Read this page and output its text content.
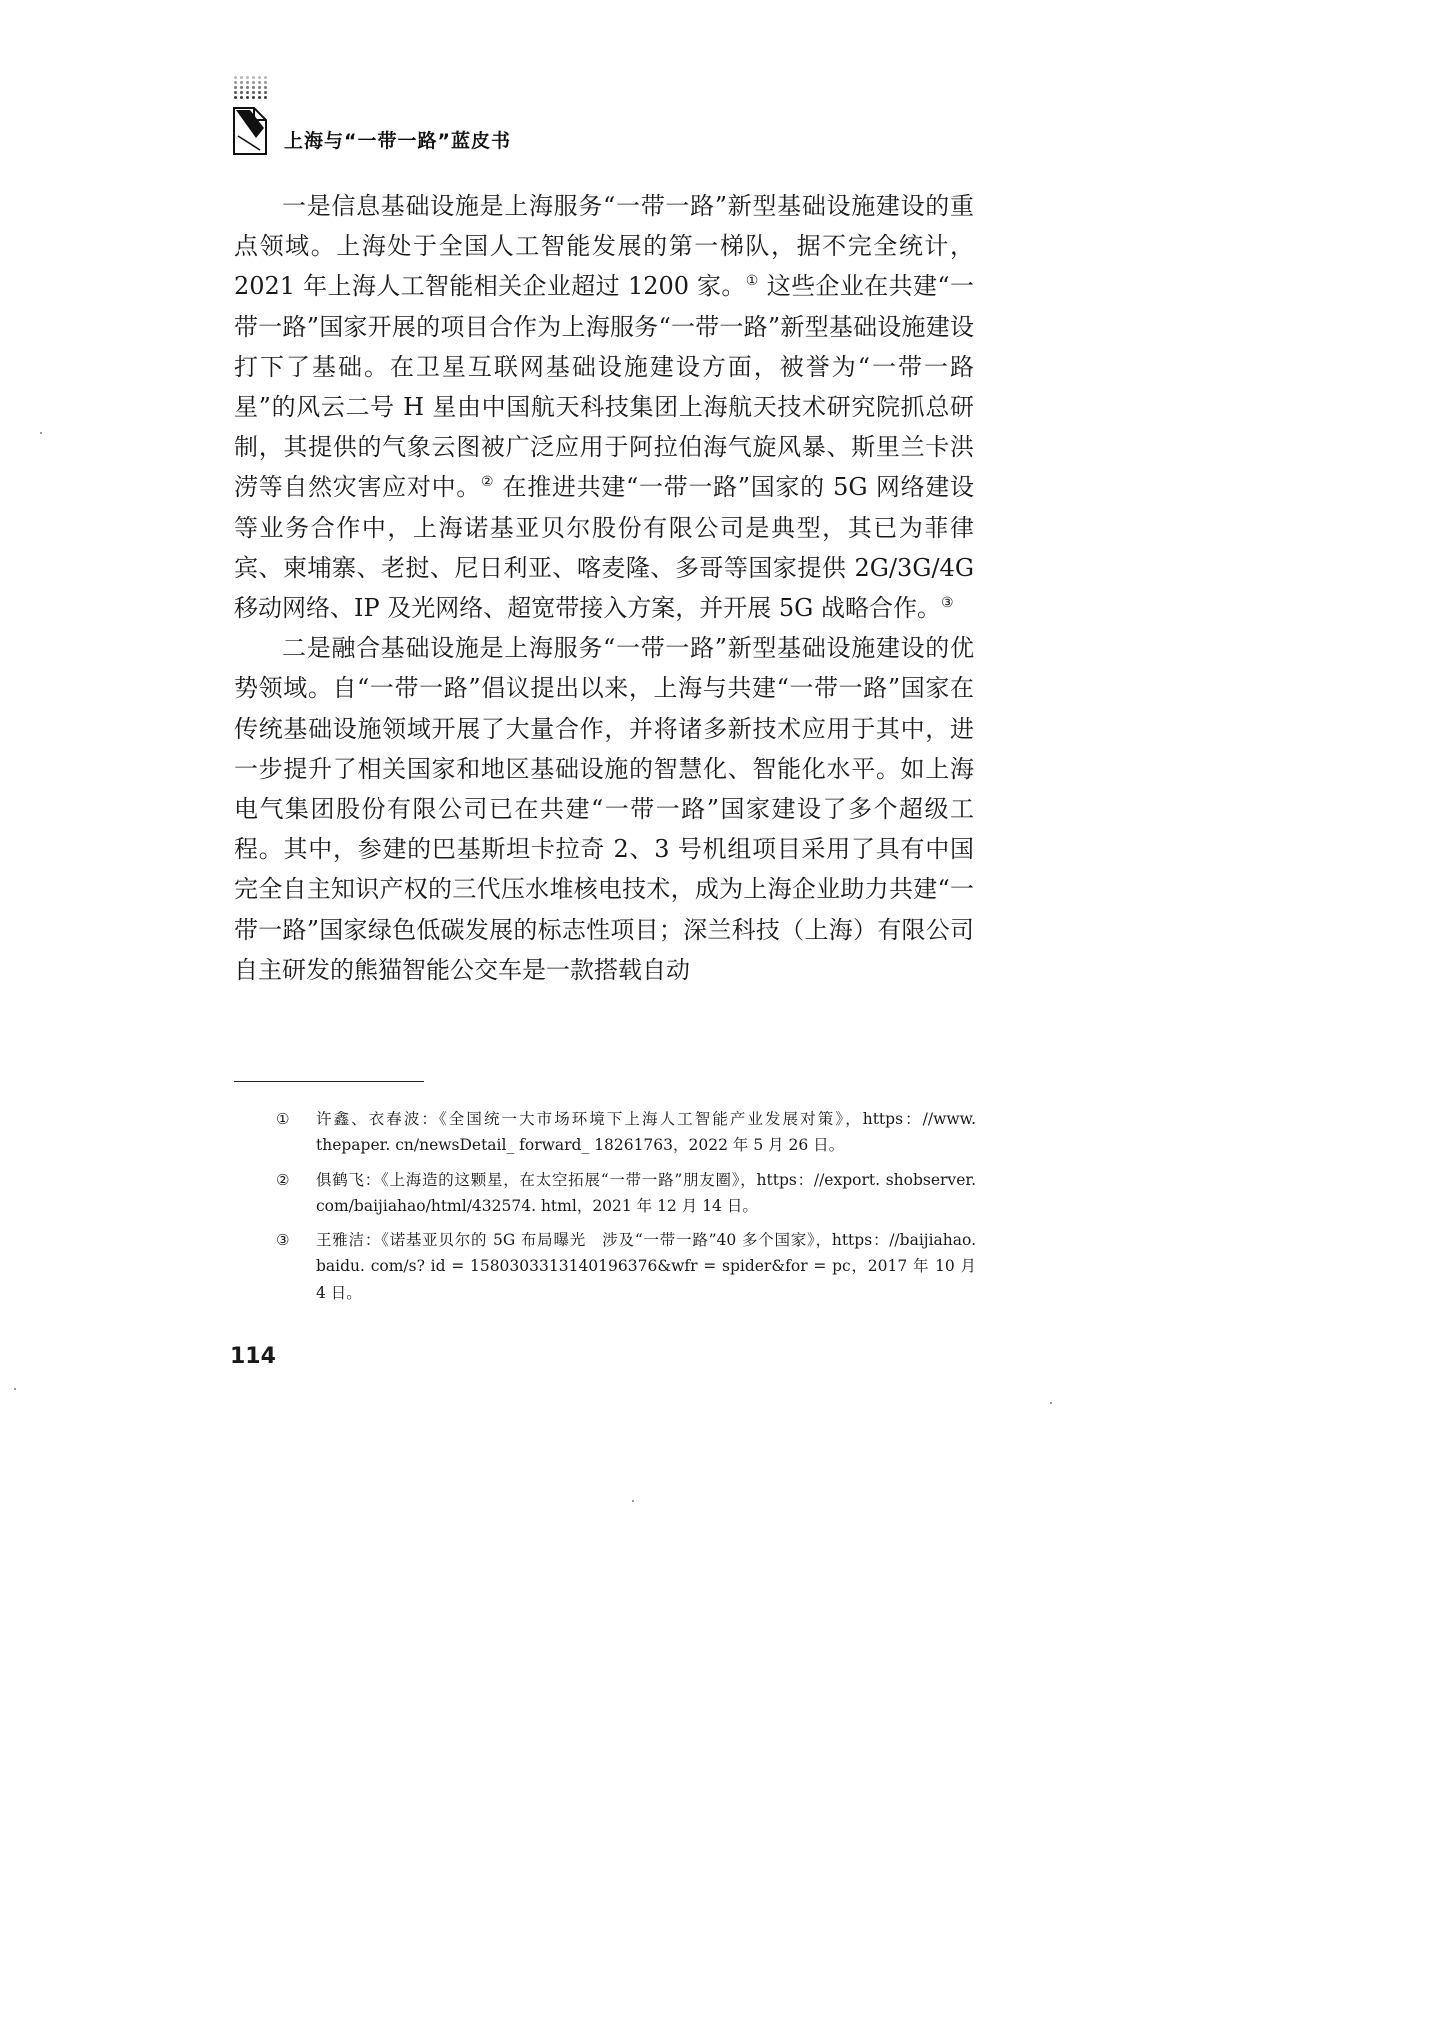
上海与“一带一路”蓝皮书

一是信息基础设施是上海服务“一带一路”新型基础设施建设的重点领域。上海处于全国人工智能发展的第一梯队，据不完全统计，2021 年上海人工智能相关企业超过 1200 家。① 这些企业在共建“一带一路”国家开展的项目合作为上海服务“一带一路”新型基础设施建设打下了基础。在卫星互联网基础设施建设方面，被誉为“一带一路星”的风云二号 H 星由中国航天科技集团上海航天技术研究院抓总研制，其提供的气象云图被广泛应用于阿拉伯海气旋风暴、斯里兰卡洪涝等自然灾害应对中。② 在推进共建“一带一路”国家的 5G 网络建设等业务合作中，上海诺基亚贝尔股份有限公司是典型，其已为菲律宾、柬埔寨、老挝、尼日利亚、喀麦隆、多哥等国家提供 2G/3G/4G 移动网络、IP 及光网络、超宽带接入方案，并开展 5G 战略合作。③

二是融合基础设施是上海服务“一带一路”新型基础设施建设的优势领域。自“一带一路”倡议提出以来，上海与共建“一带一路”国家在传统基础设施领域开展了大量合作，并将诸多新技术应用于其中，进一步提升了相关国家和地区基础设施的智慧化、智能化水平。如上海电气集团股份有限公司已在共建“一带一路”国家建设了多个超级工程。其中，参建的巴基斯坦卡拉奇 2、3 号机组项目采用了具有中国完全自主知识产权的三代压水堆核电技术，成为上海企业助力共建“一带一路”国家绿色低碳发展的标志性项目；深兰科技（上海）有限公司自主研发的熊猫智能公交车是一款搭载自动

① 许鑫、衣春波：《全国统一大市场环境下上海人工智能产业发展对策》，https：//www. thepaper. cn/newsDetail_ forward_ 18261763，2022 年 5 月 26 日。
② 俱鹤飞：《上海造的这颗星，在太空拓展“一带一路”朋友圈》，https：//export. shobserver. com/baijiahao/html/432574. html，2021 年 12 月 14 日。
③ 王雅洁：《诺基亚贝尔的 5G 布局曝光　涉及“一带一路”40 多个国家》，https：//baijiahao. baidu. com/s? id = 1580303313140196376&wfr = spider&for = pc，2017 年 10 月 4 日。
114
